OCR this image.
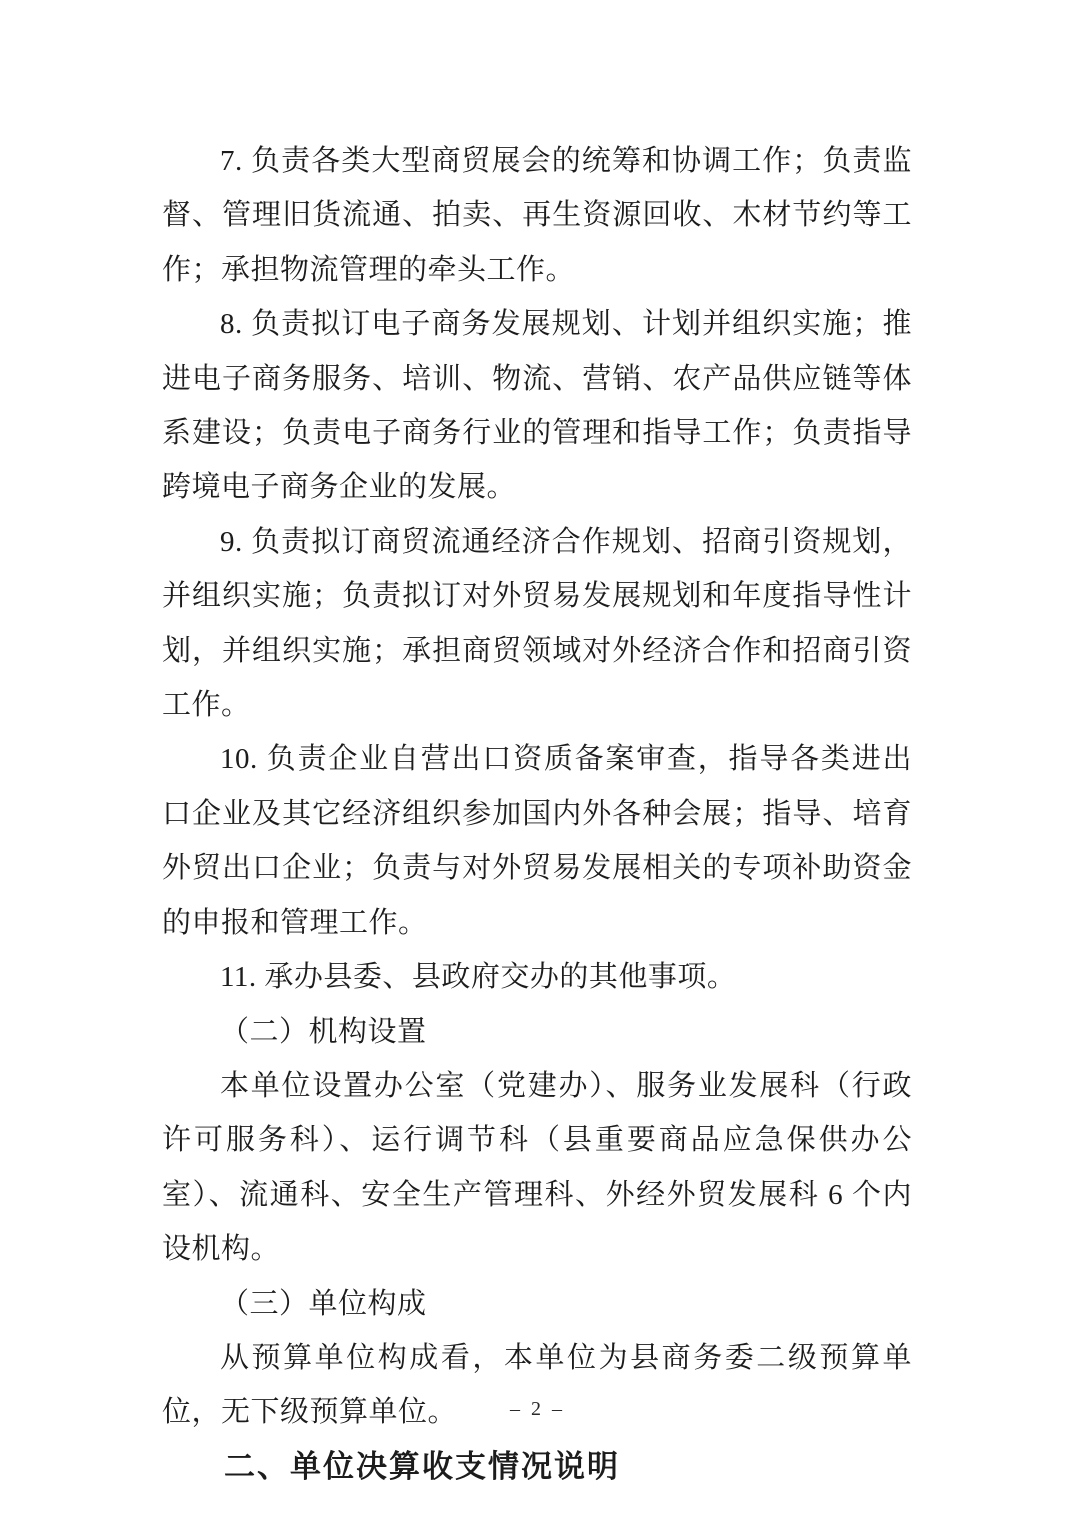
7. 负责各类大型商贸展会的统筹和协调工作；负责监督、管理旧货流通、拍卖、再生资源回收、木材节约等工作；承担物流管理的牵头工作。

8. 负责拟订电子商务发展规划、计划并组织实施；推进电子商务服务、培训、物流、营销、农产品供应链等体系建设；负责电子商务行业的管理和指导工作；负责指导跨境电子商务企业的发展。

9. 负责拟订商贸流通经济合作规划、招商引资规划，并组织实施；负责拟订对外贸易发展规划和年度指导性计划，并组织实施；承担商贸领域对外经济合作和招商引资工作。

10. 负责企业自营出口资质备案审查，指导各类进出口企业及其它经济组织参加国内外各种会展；指导、培育外贸出口企业；负责与对外贸易发展相关的专项补助资金的申报和管理工作。

11. 承办县委、县政府交办的其他事项。

（二）机构设置

本单位设置办公室（党建办）、服务业发展科（行政许可服务科）、运行调节科（县重要商品应急保供办公室）、流通科、安全生产管理科、外经外贸发展科 6 个内设机构。

（三）单位构成

从预算单位构成看，本单位为县商务委二级预算单位，无下级预算单位。

二、单位决算收支情况说明
– 2 –
